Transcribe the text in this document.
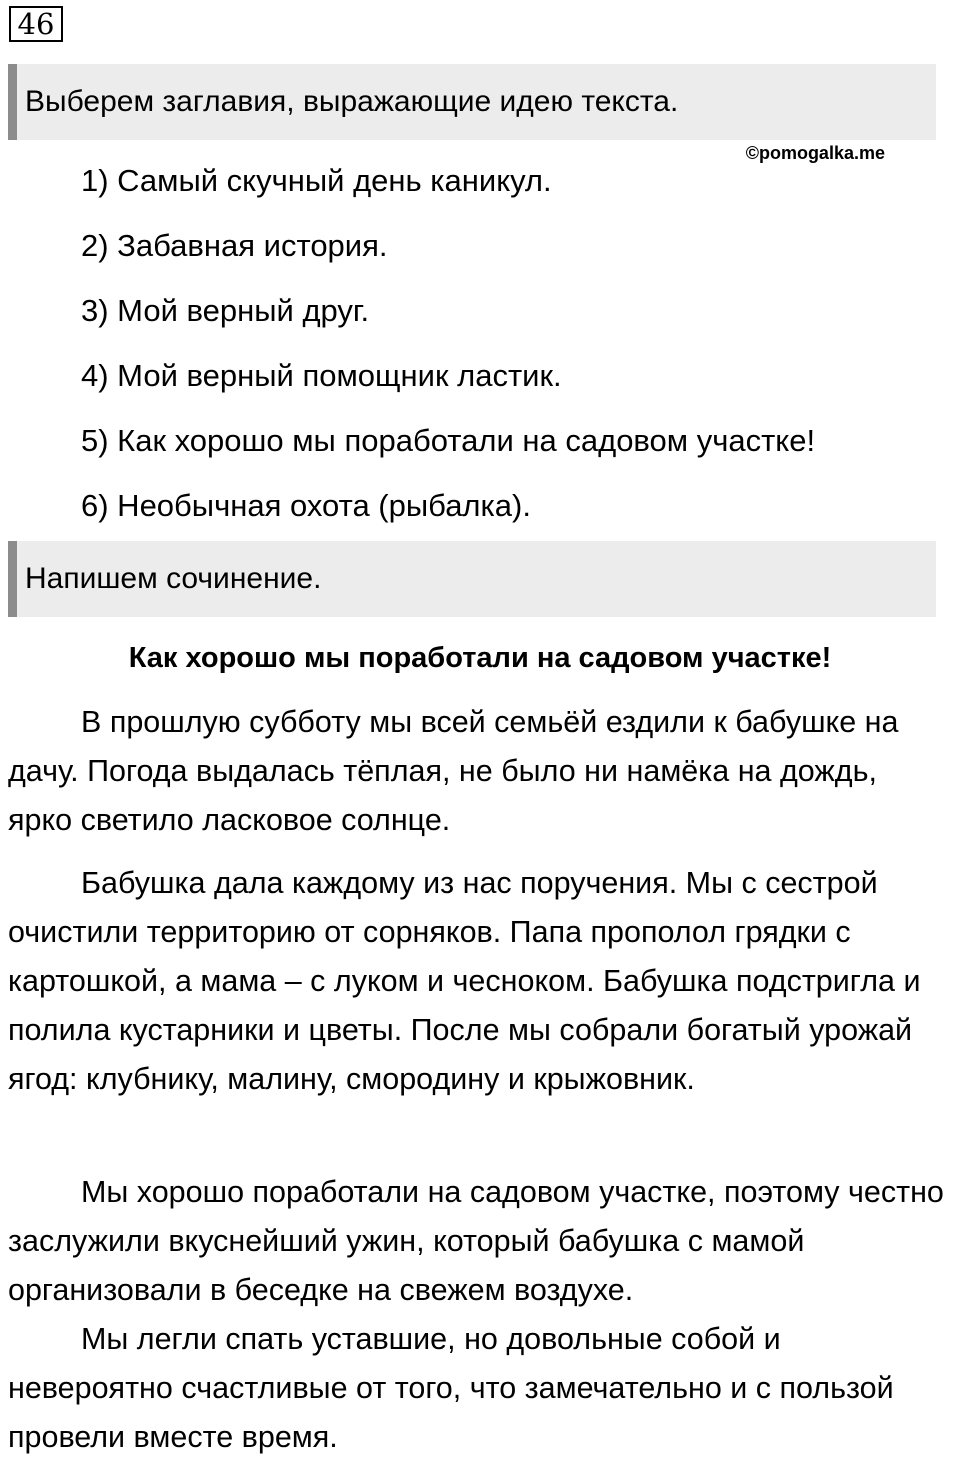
46
Выберем заглавия, выражающие идею текста.
©pomogalka.me
1) Самый скучный день каникул.
2) Забавная история.
3) Мой верный друг.
4) Мой верный помощник ластик.
5) Как хорошо мы поработали на садовом участке!
6) Необычная охота (рыбалка).
Напишем сочинение.
Как хорошо мы поработали на садовом участке!

В прошлую субботу мы всей семьёй ездили к бабушке на дачу. Погода выдалась тёплая, не было ни намёка на дождь, ярко светило ласковое солнце.

Бабушка дала каждому из нас поручения. Мы с сестрой очистили территорию от сорняков. Папа прополол грядки с картошкой, а мама – с луком и чесноком. Бабушка подстригла и полила кустарники и цветы. После мы собрали богатый урожай ягод: клубнику, малину, смородину и крыжовник.

Мы хорошо поработали на садовом участке, поэтому честно заслужили вкуснейший ужин, который бабушка с мамой организовали в беседке на свежем воздухе.

Мы легли спать уставшие, но довольные собой и невероятно счастливые от того, что замечательно и с пользой провели вместе время.
